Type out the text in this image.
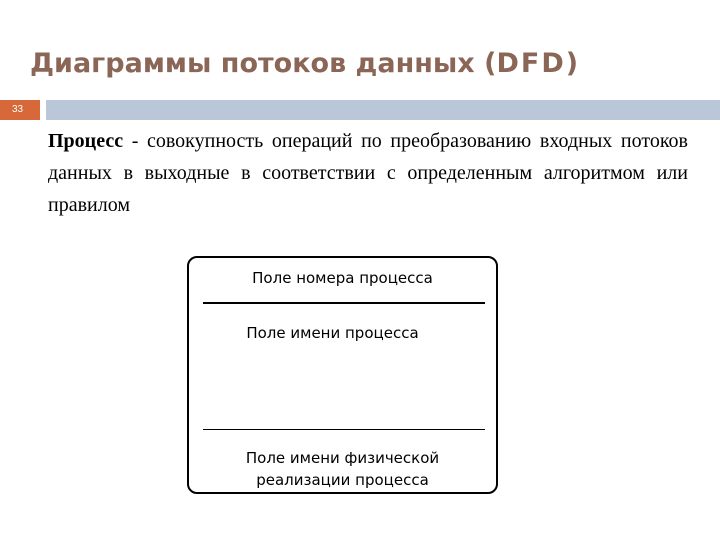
Диаграммы потоков данных (DFD)
33
Процесс - совокупность операций по преобразованию входных потоков данных в выходные в соответствии с определенным алгоритмом или правилом
Поле номера процесса
Поле имени процесса
Поле имени физической
реализации процесса
